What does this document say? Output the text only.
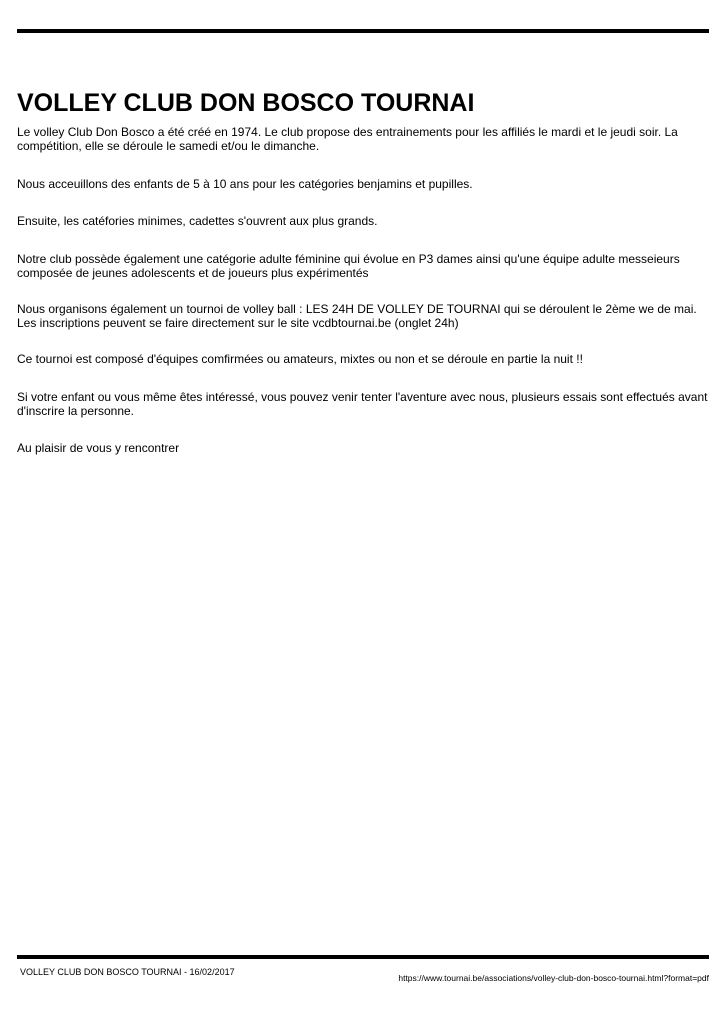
VOLLEY CLUB DON BOSCO TOURNAI

Le volley Club Don Bosco a été créé en 1974. Le club propose des entrainements pour les affiliés le mardi et le jeudi soir. La compétition, elle se déroule le samedi et/ou le dimanche.

Nous acceuillons des enfants de 5 à 10 ans pour les catégories benjamins et pupilles.

Ensuite, les catéfories minimes, cadettes s'ouvrent aux plus grands.

Notre club possède également une catégorie adulte féminine qui évolue en P3 dames ainsi qu'une équipe adulte messeieurs composée de jeunes adolescents et de joueurs plus expérimentés

Nous organisons également un tournoi de volley ball : LES 24H DE VOLLEY DE TOURNAI qui se déroulent le 2ème we de mai. Les inscriptions peuvent se faire directement sur le site vcdbtournai.be (onglet 24h)

Ce tournoi est composé d'équipes comfirmées ou amateurs, mixtes ou non et se déroule en partie la nuit !!

Si votre enfant ou vous même êtes intéressé, vous pouvez venir tenter l'aventure avec nous, plusieurs essais sont effectués avant d'inscrire la personne.

Au plaisir de vous y rencontrer

VOLLEY CLUB DON BOSCO TOURNAI - 16/02/2017
https://www.tournai.be/associations/volley-club-don-bosco-tournai.html?format=pdf
